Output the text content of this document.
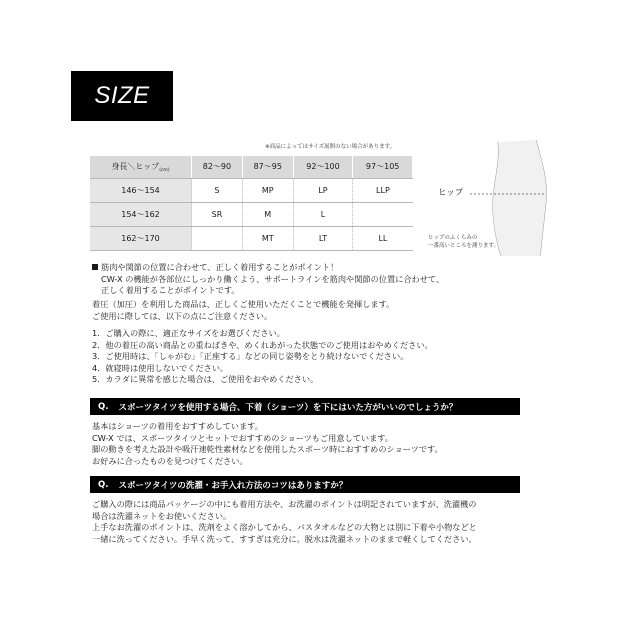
SIZE
※商品によってはサイズ展開のない場合があります。
身長＼ヒップ$_{(cm)}$	82〜90	87〜95	92〜100	97〜105
146〜154	S	MP	LP	LLP
154〜162	SR	M	L	
162〜170		MT	LT	LL
ヒップ
ヒップのふくらみの
一番高いところを測ります。
筋肉や関節の位置に合わせて、正しく着用することがポイント！
CW-X の機能が各部位にしっかり働くよう、サポートラインを筋肉や関節の位置に合わせて、
正しく着用することがポイントです。
着圧（加圧）を利用した商品は、正しくご使用いただくことで機能を発揮します。
ご使用に際しては、以下の点にご注意ください。
1．ご購入の際に、適正なサイズをお選びください。
2．他の着圧の高い商品との重ねばきや、めくれあがった状態でのご使用はおやめください。
3．ご使用時は、「しゃがむ」「正座する」などの同じ姿勢をとり続けないでください。
4．就寝時は使用しないでください。
5．カラダに異常を感じた場合は、ご使用をおやめください。
Q. スポーツタイツを使用する場合、下着（ショーツ）を下にはいた方がいいのでしょうか？
基本はショーツの着用をおすすめしています。
CW-X では、スポーツタイツとセットでおすすめのショーツもご用意しています。
脚の動きを考えた設計や吸汗速乾性素材などを使用したスポーツ時におすすめのショーツです。
お好みに合ったものを見つけてください。
Q. スポーツタイツの洗濯・お手入れ方法のコツはありますか？
ご購入の際には商品パッケージの中にも着用方法や、お洗濯のポイントは明記されていますが、洗濯機の
場合は洗濯ネットをお使いください。
上手なお洗濯のポイントは、洗剤をよく溶かしてから、バスタオルなどの大物とは別に下着や小物などと
一緒に洗ってください。手早く洗って、すすぎは充分に。脱水は洗濯ネットのままで軽くしてください。
